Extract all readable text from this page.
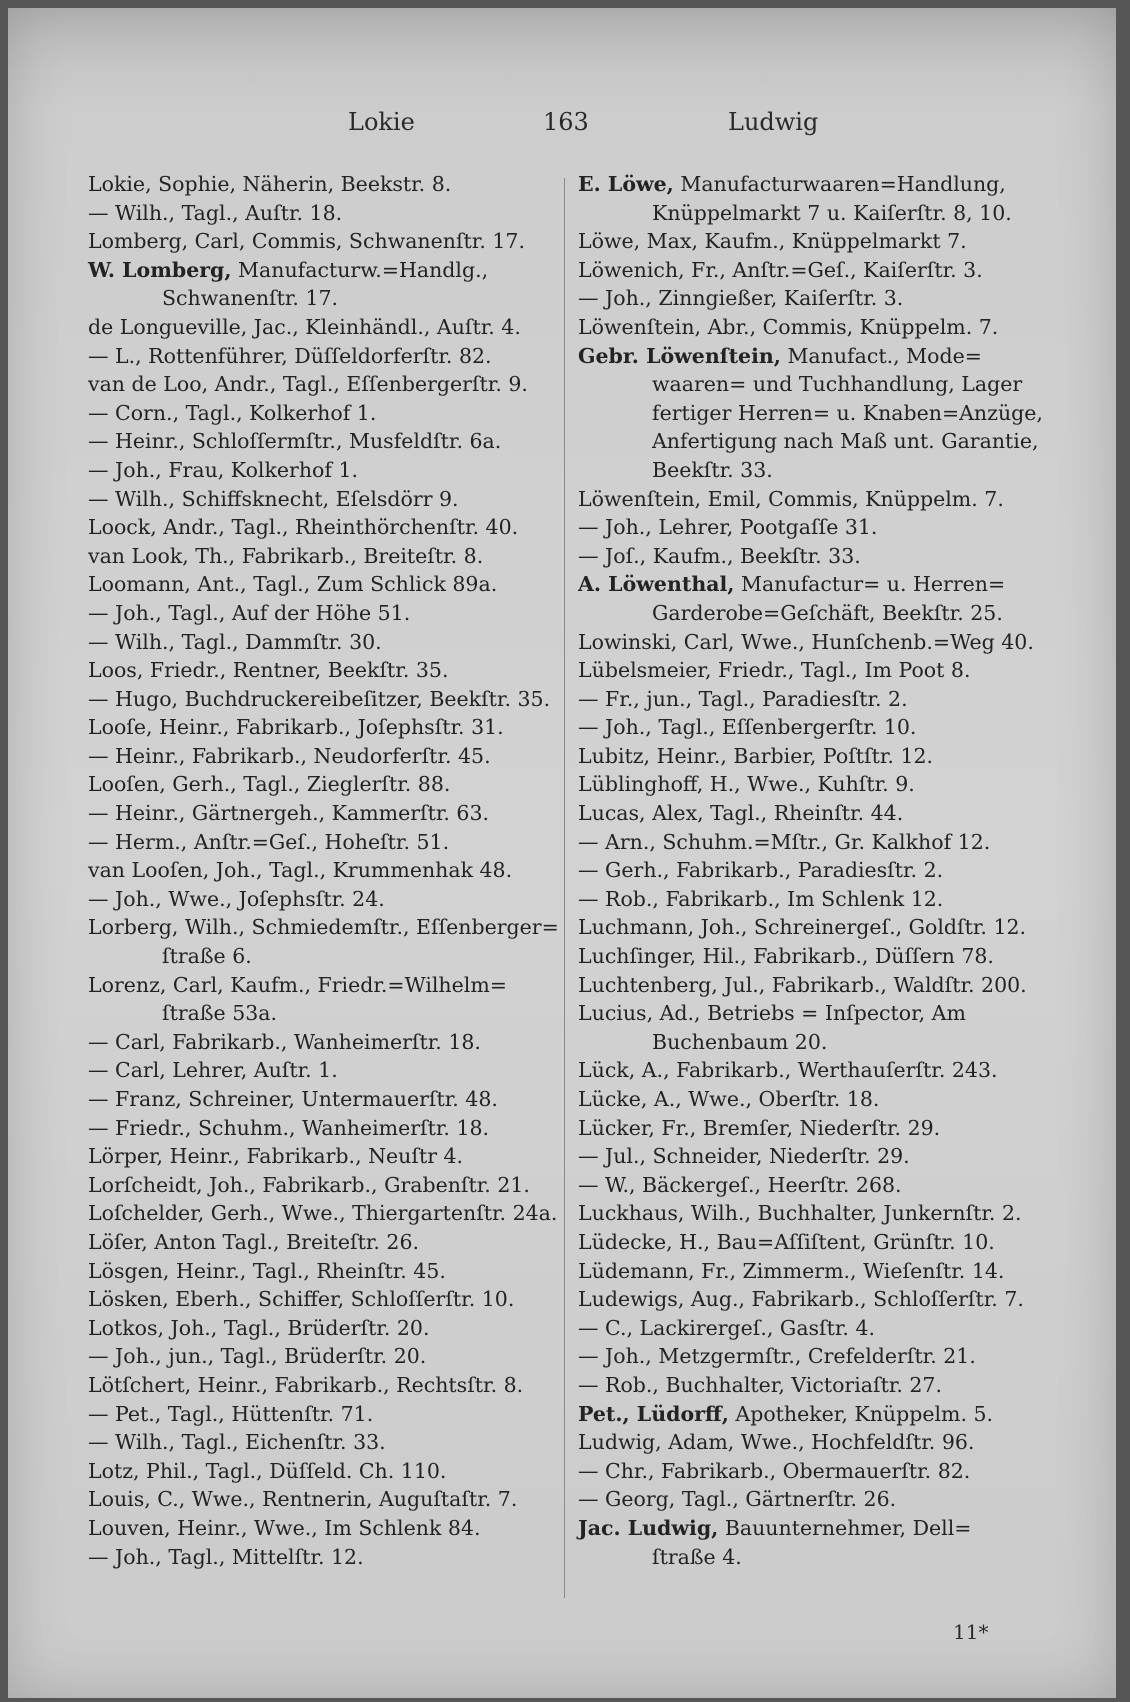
Lokie	163	Ludwig
Lokie, Sophie, Näherin, Beekstr. 8.
— Wilh., Tagl., Auſtr. 18.
Lomberg, Carl, Commis, Schwanenſtr. 17.
W. Lomberg, Manufacturw.=Handlg.,
Schwanenſtr. 17.
de Longueville, Jac., Kleinhändl., Auſtr. 4.
— L., Rottenführer, Düſſeldorferſtr. 82.
van de Loo, Andr., Tagl., Eſſenbergerſtr. 9.
— Corn., Tagl., Kolkerhof 1.
— Heinr., Schloſſermſtr., Musfeldſtr. 6a.
— Joh., Frau, Kolkerhof 1.
— Wilh., Schiffsknecht, Eſelsdörr 9.
Loock, Andr., Tagl., Rheinthörchenſtr. 40.
van Look, Th., Fabrikarb., Breiteſtr. 8.
Loomann, Ant., Tagl., Zum Schlick 89a.
— Joh., Tagl., Auf der Höhe 51.
— Wilh., Tagl., Dammſtr. 30.
Loos, Friedr., Rentner, Beekſtr. 35.
— Hugo, Buchdruckereibeſitzer, Beekſtr. 35.
Looſe, Heinr., Fabrikarb., Joſephsſtr. 31.
— Heinr., Fabrikarb., Neudorferſtr. 45.
Looſen, Gerh., Tagl., Zieglerſtr. 88.
— Heinr., Gärtnergeh., Kammerſtr. 63.
— Herm., Anſtr.=Geſ., Hoheſtr. 51.
van Looſen, Joh., Tagl., Krummenhak 48.
— Joh., Wwe., Joſephsſtr. 24.
Lorberg, Wilh., Schmiedemſtr., Eſſenberger=
ſtraße 6.
Lorenz, Carl, Kaufm., Friedr.=Wilhelm=
ſtraße 53a.
— Carl, Fabrikarb., Wanheimerſtr. 18.
— Carl, Lehrer, Auſtr. 1.
— Franz, Schreiner, Untermauerſtr. 48.
— Friedr., Schuhm., Wanheimerſtr. 18.
Lörper, Heinr., Fabrikarb., Neuſtr 4.
Lorſcheidt, Joh., Fabrikarb., Grabenſtr. 21.
Loſchelder, Gerh., Wwe., Thiergartenſtr. 24a.
Löſer, Anton Tagl., Breiteſtr. 26.
Lösgen, Heinr., Tagl., Rheinſtr. 45.
Lösken, Eberh., Schiffer, Schloſſerſtr. 10.
Lotkos, Joh., Tagl., Brüderſtr. 20.
— Joh., jun., Tagl., Brüderſtr. 20.
Lötſchert, Heinr., Fabrikarb., Rechtsſtr. 8.
— Pet., Tagl., Hüttenſtr. 71.
— Wilh., Tagl., Eichenſtr. 33.
Lotz, Phil., Tagl., Düſſeld. Ch. 110.
Louis, C., Wwe., Rentnerin, Auguſtaſtr. 7.
Louven, Heinr., Wwe., Im Schlenk 84.
— Joh., Tagl., Mittelſtr. 12.
E. Löwe, Manufacturwaaren=Handlung,
Knüppelmarkt 7 u. Kaiſerſtr. 8, 10.
Löwe, Max, Kaufm., Knüppelmarkt 7.
Löwenich, Fr., Anſtr.=Geſ., Kaiſerſtr. 3.
— Joh., Zinngießer, Kaiſerſtr. 3.
Löwenſtein, Abr., Commis, Knüppelm. 7.
Gebr. Löwenſtein, Manufact., Mode=
waaren= und Tuchhandlung, Lager
fertiger Herren= u. Knaben=Anzüge,
Anfertigung nach Maß unt. Garantie,
Beekſtr. 33.
Löwenſtein, Emil, Commis, Knüppelm. 7.
— Joh., Lehrer, Pootgaſſe 31.
— Joſ., Kaufm., Beekſtr. 33.
A. Löwenthal, Manufactur= u. Herren=
Garderobe=Geſchäft, Beekſtr. 25.
Lowinski, Carl, Wwe., Hunſchenb.=Weg 40.
Lübelsmeier, Friedr., Tagl., Im Poot 8.
— Fr., jun., Tagl., Paradiesſtr. 2.
— Joh., Tagl., Eſſenbergerſtr. 10.
Lubitz, Heinr., Barbier, Poſtſtr. 12.
Lüblinghoff, H., Wwe., Kuhſtr. 9.
Lucas, Alex, Tagl., Rheinſtr. 44.
— Arn., Schuhm.=Mſtr., Gr. Kalkhof 12.
— Gerh., Fabrikarb., Paradiesſtr. 2.
— Rob., Fabrikarb., Im Schlenk 12.
Luchmann, Joh., Schreinergeſ., Goldſtr. 12.
Luchſinger, Hil., Fabrikarb., Düſſern 78.
Luchtenberg, Jul., Fabrikarb., Waldſtr. 200.
Lucius, Ad., Betriebs = Inſpector, Am
Buchenbaum 20.
Lück, A., Fabrikarb., Werthauſerſtr. 243.
Lücke, A., Wwe., Oberſtr. 18.
Lücker, Fr., Bremſer, Niederſtr. 29.
— Jul., Schneider, Niederſtr. 29.
— W., Bäckergeſ., Heerſtr. 268.
Luckhaus, Wilh., Buchhalter, Junkernſtr. 2.
Lüdecke, H., Bau=Aſſiſtent, Grünſtr. 10.
Lüdemann, Fr., Zimmerm., Wieſenſtr. 14.
Ludewigs, Aug., Fabrikarb., Schloſſerſtr. 7.
— C., Lackirergeſ., Gasſtr. 4.
— Joh., Metzgermſtr., Crefelderſtr. 21.
— Rob., Buchhalter, Victoriaſtr. 27.
Pet., Lüdorff, Apotheker, Knüppelm. 5.
Ludwig, Adam, Wwe., Hochfeldſtr. 96.
— Chr., Fabrikarb., Obermauerſtr. 82.
— Georg, Tagl., Gärtnerſtr. 26.
Jac. Ludwig, Bauunternehmer, Dell=
ſtraße 4.
11*
